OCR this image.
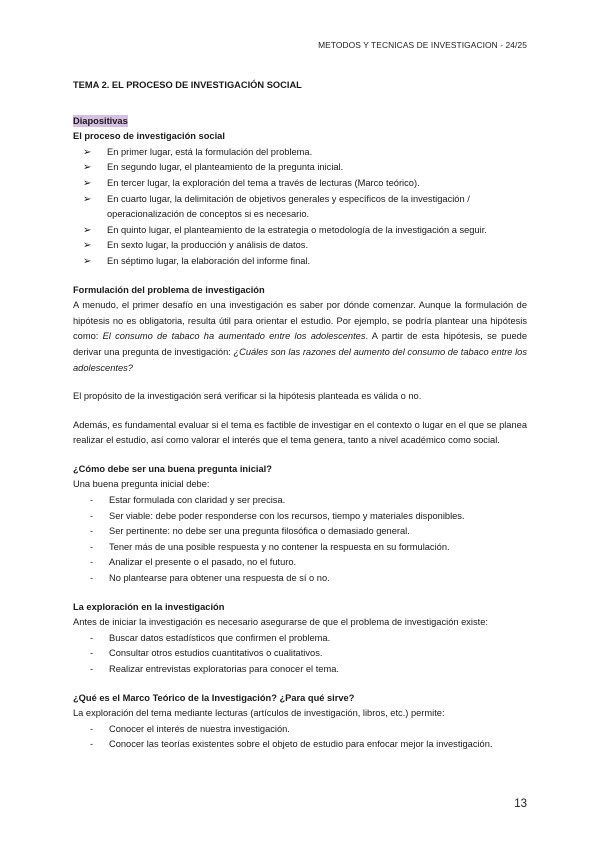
METODOS Y TECNICAS DE INVESTIGACION - 24/25

TEMA 2. EL PROCESO DE INVESTIGACIÓN SOCIAL

Diapositivas

El proceso de investigación social

➢ En primer lugar, está la formulación del problema.
➢ En segundo lugar, el planteamiento de la pregunta inicial.
➢ En tercer lugar, la exploración del tema a través de lecturas (Marco teórico).
➢ En cuarto lugar, la delimitación de objetivos generales y específicos de la investigación / operacionalización de conceptos si es necesario.
➢ En quinto lugar, el planteamiento de la estrategia o metodología de la investigación a seguir.
➢ En sexto lugar, la producción y análisis de datos.
➢ En séptimo lugar, la elaboración del informe final.

Formulación del problema de investigación

A menudo, el primer desafío en una investigación es saber por dónde comenzar. Aunque la formulación de hipótesis no es obligatoria, resulta útil para orientar el estudio. Por ejemplo, se podría plantear una hipótesis como: El consumo de tabaco ha aumentado entre los adolescentes. A partir de esta hipótesis, se puede derivar una pregunta de investigación: ¿Cuáles son las razones del aumento del consumo de tabaco entre los adolescentes?

El propósito de la investigación será verificar si la hipótesis planteada es válida o no.

Además, es fundamental evaluar si el tema es factible de investigar en el contexto o lugar en el que se planea realizar el estudio, así como valorar el interés que el tema genera, tanto a nivel académico como social.

¿Cómo debe ser una buena pregunta inicial?

Una buena pregunta inicial debe:

- Estar formulada con claridad y ser precisa.
- Ser viable: debe poder responderse con los recursos, tiempo y materiales disponibles.
- Ser pertinente: no debe ser una pregunta filosófica o demasiado general.
- Tener más de una posible respuesta y no contener la respuesta en su formulación.
- Analizar el presente o el pasado, no el futuro.
- No plantearse para obtener una respuesta de sí o no.

La exploración en la investigación

Antes de iniciar la investigación es necesario asegurarse de que el problema de investigación existe:

- Buscar datos estadísticos que confirmen el problema.
- Consultar otros estudios cuantitativos o cualitativos.
- Realizar entrevistas exploratorias para conocer el tema.

¿Qué es el Marco Teórico de la Investigación? ¿Para qué sirve?

La exploración del tema mediante lecturas (artículos de investigación, libros, etc.) permite:

- Conocer el interés de nuestra investigación.
- Conocer las teorías existentes sobre el objeto de estudio para enfocar mejor la investigación.
13
